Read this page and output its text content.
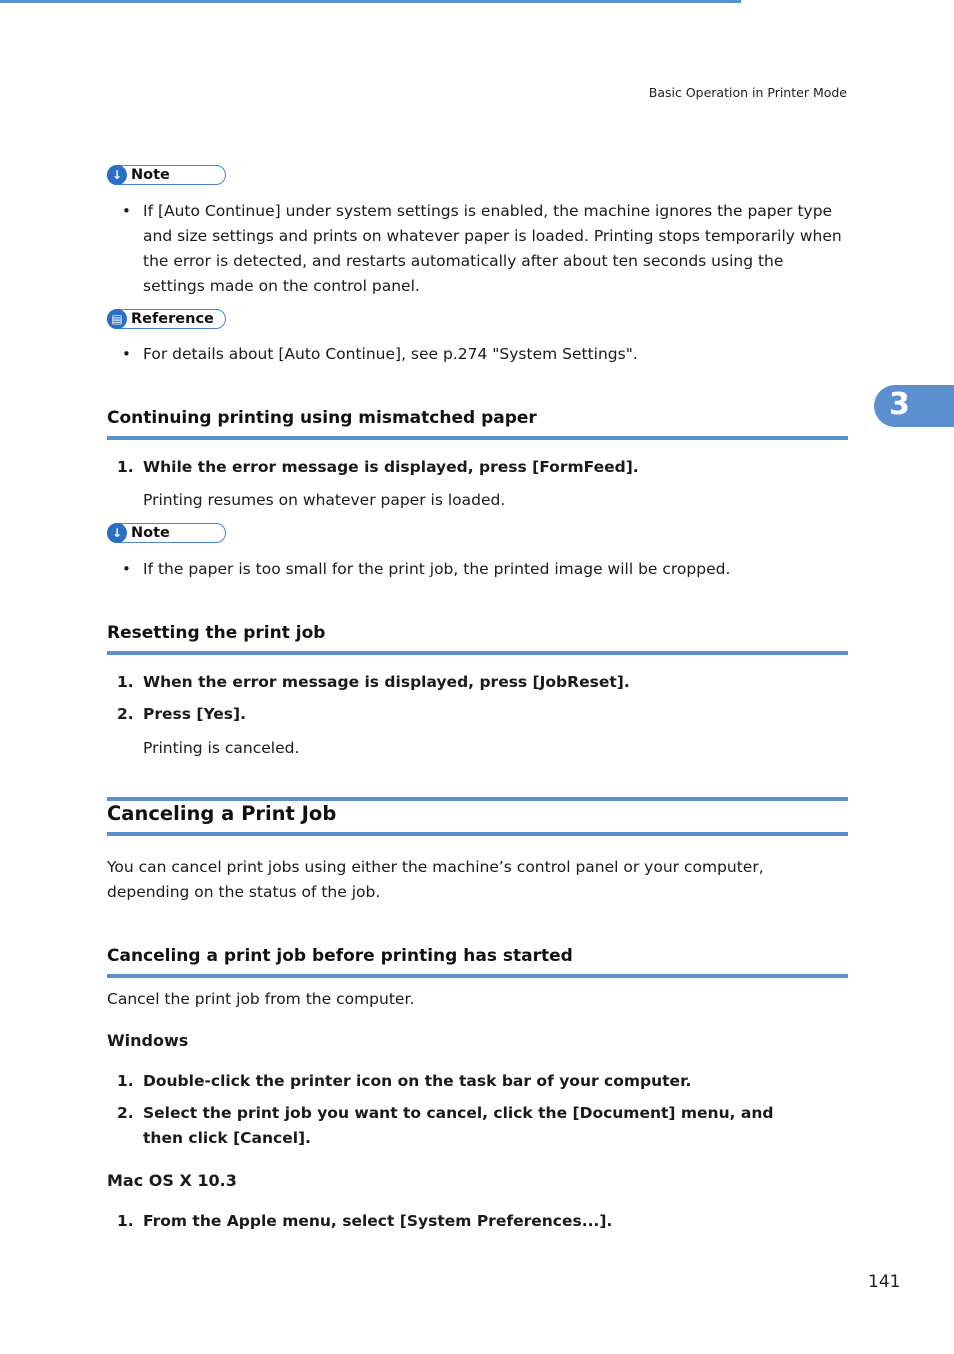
Basic Operation in Printer Mode
↓ Note
• If [Auto Continue] under system settings is enabled, the machine ignores the paper type and size settings and prints on whatever paper is loaded. Printing stops temporarily when the error is detected, and restarts automatically after about ten seconds using the settings made on the control panel.
▤ Reference
• For details about [Auto Continue], see p.274 "System Settings".
3
Continuing printing using mismatched paper
1. While the error message is displayed, press [FormFeed].
Printing resumes on whatever paper is loaded.
↓ Note
• If the paper is too small for the print job, the printed image will be cropped.
Resetting the print job
1. When the error message is displayed, press [JobReset].
2. Press [Yes].
Printing is canceled.
Canceling a Print Job
You can cancel print jobs using either the machine’s control panel or your computer, depending on the status of the job.
Canceling a print job before printing has started
Cancel the print job from the computer.
Windows
1. Double-click the printer icon on the task bar of your computer.
2. Select the print job you want to cancel, click the [Document] menu, and then click [Cancel].
Mac OS X 10.3
1. From the Apple menu, select [System Preferences...].
141
